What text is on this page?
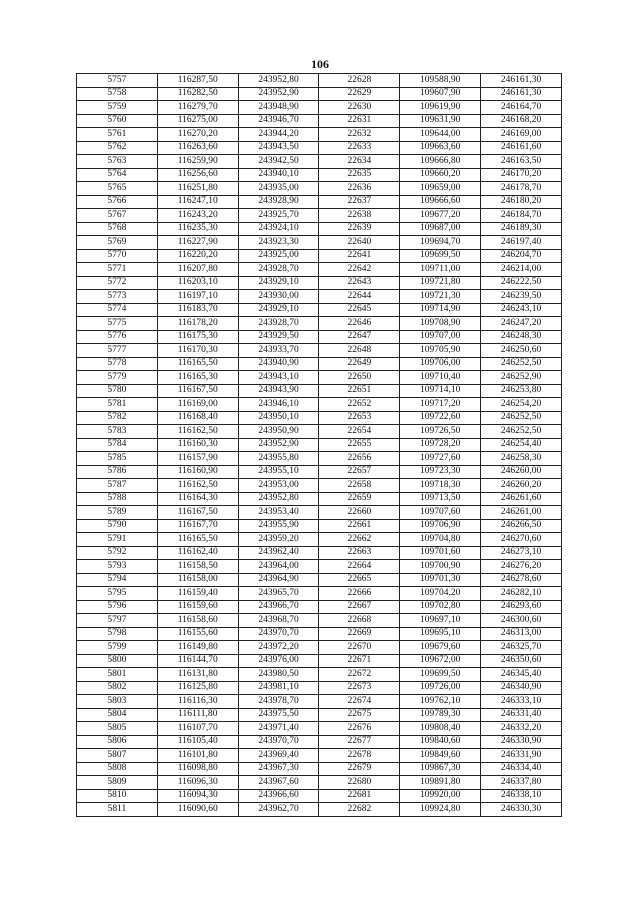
106
5757	116287,50	243952,80	22628	109588,90	246161,30
5758	116282,50	243952,90	22629	109607,90	246161,30
5759	116279,70	243948,90	22630	109619,90	246164,70
5760	116275,00	243946,70	22631	109631,90	246168,20
5761	116270,20	243944,20	22632	109644,00	246169,00
5762	116263,60	243943,50	22633	109663,60	246161,60
5763	116259,90	243942,50	22634	109666,80	246163,50
5764	116256,60	243940,10	22635	109660,20	246170,20
5765	116251,80	243935,00	22636	109659,00	246178,70
5766	116247,10	243928,90	22637	109666,60	246180,20
5767	116243,20	243925,70	22638	109677,20	246184,70
5768	116235,30	243924,10	22639	109687,00	246189,30
5769	116227,90	243923,30	22640	109694,70	246197,40
5770	116220,20	243925,00	22641	109699,50	246204,70
5771	116207,80	243928,70	22642	109711,00	246214,00
5772	116203,10	243929,10	22643	109721,80	246222,50
5773	116197,10	243930,00	22644	109721,30	246239,50
5774	116183,70	243929,10	22645	109714,90	246243,10
5775	116178,20	243928,70	22646	109708,90	246247,20
5776	116175,30	243929,50	22647	109707,00	246248,30
5777	116170,30	243933,70	22648	109705,90	246250,60
5778	116165,50	243940,90	22649	109706,00	246252,50
5779	116165,30	243943,10	22650	109710,40	246252,90
5780	116167,50	243943,90	22651	109714,10	246253,80
5781	116169,00	243946,10	22652	109717,20	246254,20
5782	116168,40	243950,10	22653	109722,60	246252,50
5783	116162,50	243950,90	22654	109726,50	246252,50
5784	116160,30	243952,90	22655	109728,20	246254,40
5785	116157,90	243955,80	22656	109727,60	246258,30
5786	116160,90	243955,10	22657	109723,30	246260,00
5787	116162,50	243953,00	22658	109718,30	246260,20
5788	116164,30	243952,80	22659	109713,50	246261,60
5789	116167,50	243953,40	22660	109707,60	246261,00
5790	116167,70	243955,90	22661	109706,90	246266,50
5791	116165,50	243959,20	22662	109704,80	246270,60
5792	116162,40	243962,40	22663	109701,60	246273,10
5793	116158,50	243964,00	22664	109700,90	246276,20
5794	116158,00	243964,90	22665	109701,30	246278,60
5795	116159,40	243965,70	22666	109704,20	246282,10
5796	116159,60	243966,70	22667	109702,80	246293,60
5797	116158,60	243968,70	22668	109697,10	246300,60
5798	116155,60	243970,70	22669	109695,10	246313,00
5799	116149,80	243972,20	22670	109679,60	246325,70
5800	116144,70	243976,00	22671	109672,00	246350,60
5801	116131,80	243980,50	22672	109699,50	246345,40
5802	116125,80	243981,10	22673	109726,00	246340,90
5803	116116,30	243978,70	22674	109762,10	246333,10
5804	116111,80	243975,50	22675	109789,30	246331,40
5805	116107,70	243971,40	22676	109808,40	246332,20
5806	116105,40	243970,70	22677	109840,60	246330,90
5807	116101,80	243969,40	22678	109849,60	246331,90
5808	116098,80	243967,30	22679	109867,30	246334,40
5809	116096,30	243967,60	22680	109891,80	246337,80
5810	116094,30	243966,60	22681	109920,00	246338,10
5811	116090,60	243962,70	22682	109924,80	246330,30
